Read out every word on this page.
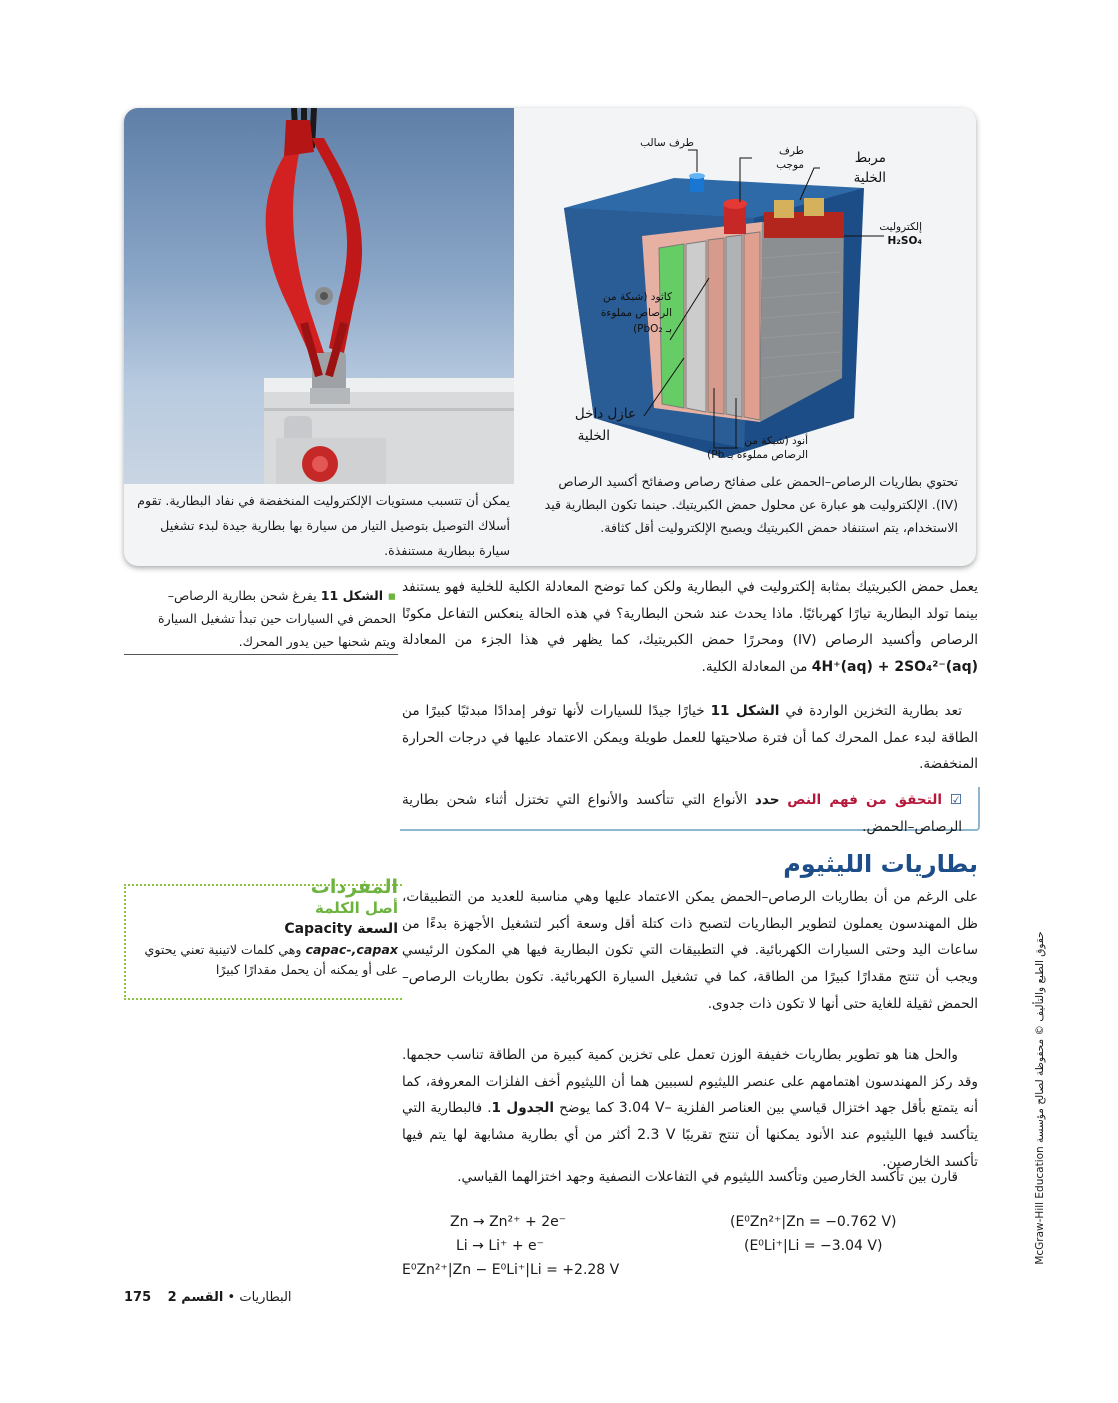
يمكن أن تتسبب مستويات الإلكتروليت المنخفضة في نفاد البطارية. تقوم أسلاك التوصيل بتوصيل التيار من سيارة بها بطارية جيدة لبدء تشغيل سيارة ببطارية مستنفذة.
طرف سالب
طرف
موجب	مربط
الخلية
إلكتروليت
H₂SO₄
كاثود (شبكة من
الرصاص مملوءة
بـ PbO₂)
عازل داخل
الخلية	أنود (شبكة من
الرصاص مملوءة بـ Pb)
تحتوي بطاريات الرصاص–الحمض على صفائح رصاص وصفائح أكسيد الرصاص (IV). الإلكتروليت هو عبارة عن محلول حمض الكبريتيك. حينما تكون البطارية قيد الاستخدام، يتم استنفاد حمض الكبريتيك ويصبح الإلكتروليت أقل كثافة.
▪ الشكل 11 يفرغ شحن بطارية الرصاص–الحمض في السيارات حين تبدأ تشغيل السيارة ويتم شحنها حين يدور المحرك.
يعمل حمض الكبريتيك بمثابة إلكتروليت في البطارية ولكن كما توضح المعادلة الكلية للخلية فهو يستنفد بينما تولد البطارية تيارًا كهربائيًا. ماذا يحدث عند شحن البطارية؟ في هذه الحالة ينعكس التفاعل مكونًا الرصاص وأكسيد الرصاص (IV) ومحررًا حمض الكبريتيك، كما يظهر في هذا الجزء من المعادلة 4H⁺(aq) + 2SO₄²⁻(aq) من المعادلة الكلية.
تعد بطارية التخزين الواردة في الشكل 11 خيارًا جيدًا للسيارات لأنها توفر إمدادًا مبدئيًا كبيرًا من الطاقة لبدء عمل المحرك كما أن فترة صلاحيتها للعمل طويلة ويمكن الاعتماد عليها في درجات الحرارة المنخفضة.
☑ التحقق من فهم النص حدد الأنواع التي تتأكسد والأنواع التي تختزل أثناء شحن بطارية الرصاص–الحمض.
بطاريات الليثيوم
على الرغم من أن بطاريات الرصاص–الحمض يمكن الاعتماد عليها وهي مناسبة للعديد من التطبيقات، ظل المهندسون يعملون لتطوير البطاريات لتصبح ذات كتلة أقل وسعة أكبر لتشغيل الأجهزة بدءًا من ساعات اليد وحتى السيارات الكهربائية. في التطبيقات التي تكون البطارية فيها هي المكون الرئيسي ويجب أن تنتج مقدارًا كبيرًا من الطاقة، كما في تشغيل السيارة الكهربائية. تكون بطاريات الرصاص– الحمض ثقيلة للغاية حتى أنها لا تكون ذات جدوى.
والحل هنا هو تطوير بطاريات خفيفة الوزن تعمل على تخزين كمية كبيرة من الطاقة تناسب حجمها. وقد ركز المهندسون اهتمامهم على عنصر الليثيوم لسببين هما أن الليثيوم أخف الفلزات المعروفة، كما أنه يتمتع بأقل جهد اختزال قياسي بين العناصر الفلزية 3.04 V– كما يوضح الجدول 1. فالبطارية التي يتأكسد فيها الليثيوم عند الأنود يمكنها أن تنتج تقريبًا 2.3 V أكثر من أي بطارية مشابهة لها يتم فيها تأكسد الخارصين.
قارن بين تأكسد الخارصين وتأكسد الليثيوم في التفاعلات النصفية وجهد اختزالهما القياسي.
Zn → Zn²⁺ + 2e⁻	(E⁰Zn²⁺|Zn = −0.762 V)
Li → Li⁺ + e⁻	(E⁰Li⁺|Li = −3.04 V)
E⁰Zn²⁺|Zn − E⁰Li⁺|Li = +2.28 V
المفردات
أصل الكلمة
السعة Capacity
capac-,capax وهي كلمات لاتينية تعني يحتوي على أو يمكنه أن يحمل مقدارًا كبيرًا
McGraw-Hill Education حقوق الطبع والتأليف © محفوظة لصالح مؤسسة
175	البطاريات • القسم 2
